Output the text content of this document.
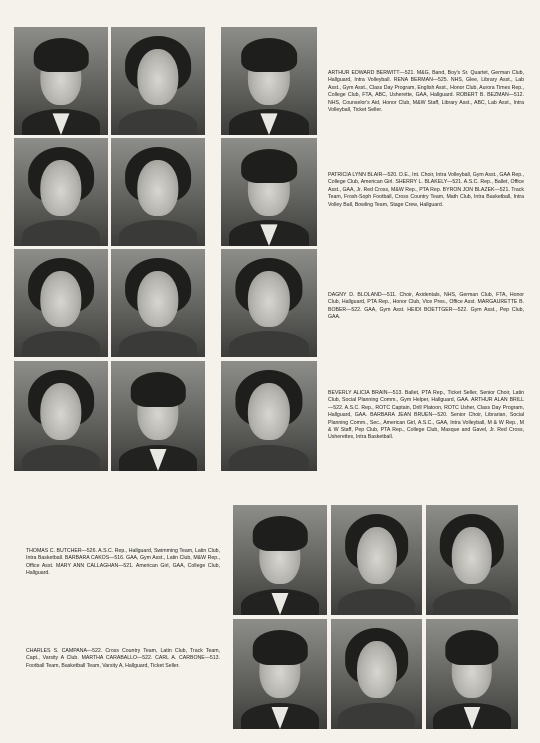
ARTHUR EDWARD BERWITT—521. M&G, Band, Boy's Sr. Quartet, German Club, Hallguard, Intra Volleyball. RENA BERMAN—525. NHS, Glee, Library Asst., Lab Asst., Gym Asst., Class Day Program, English Asst., Honor Club, Aurora Times Rep., College Club, FTA, ABC, Usherette, GAA, Hallguard. ROBERT B. BEZMAN—512. NHS, Counselor's Aid, Honor Club, M&W Staff, Library Asst., ABC, Lab Asst., Intra Volleyball, Ticket Seller.

PATRICIA LYNN BLAIR—520. D.E., Int. Choir, Intra Volleyball, Gym Asst., GAA Rep., College Club, American Girl. SHERRY L. BLAKELY—521. A.S.C. Rep., Ballet, Office Asst., GAA, Jr. Red Cross, M&W Rep., PTA Rep. BYRON JON BLAZEK—521. Track Team, Frosh-Soph Football, Cross Country Team, Math Club, Intra Basketball, Intra Volley Ball, Bowling Team, Stage Crew, Hallguard.

DAGNY D. BLOLAND—511. Choir, Axidentals, NHS, German Club, FTA, Honor Club, Hallguard, PTA Rep., Honor Club, Vice Pres., Office Asst. MARGAURETTE B. BOBER—522. GAA, Gym Asst. HEIDI BOETTGER—522. Gym Asst., Pep Club, GAA.

BEVERLY ALICIA BRAIN—513. Ballet, PTA Rep., Ticket Seller, Senior Choir, Latin Club, Social Planning Comm., Gym Helper, Hallguard, GAA. ARTHUR ALAN BRILL—522. A.S.C. Rep., ROTC Captain, Drill Platoon, ROTC Usher, Class Day Program, Hallguard, GAA. BARBARA JEAN BRUEN—520. Senior Choir, Librarian, Social Planning Comm., Sec., American Girl, A.S.C., GAA, Intra Volleyball, M & W Rep., M & W Staff, Pep Club, PTA Rep., College Club, Masque and Gavel, Jr. Red Cross, Usherettes, Intra Basketball.

THOMAS C. BUTCHER—526. A.S.C. Rep., Hallguard, Swimming Team, Latin Club, Intra Basketball. BARBARA CAKOS—516. GAA, Gym Asst., Latin Club, M&W Rep., Office Asst. MARY ANN CALLAGHAN—521. American Girl, GAA, College Club, Hallguard.

CHARLES S. CAMPANA—522. Cross Country Team, Latin Club, Track Team, Capt., Varsity A Club. MARTHA CARABALLO—522. CARL A. CARBONE—513. Football Team, Basketball Team, Varsity A, Hallguard, Ticket Seller.
